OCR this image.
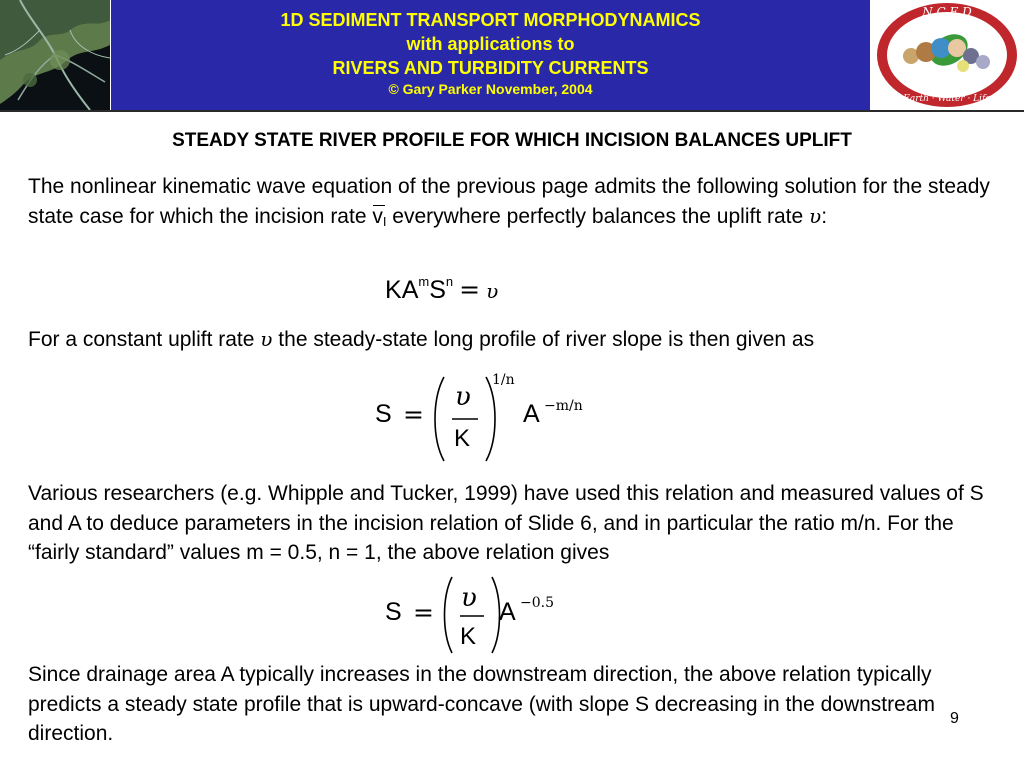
1D SEDIMENT TRANSPORT MORPHODYNAMICS
with applications to
RIVERS AND TURBIDITY CURRENTS
© Gary Parker November, 2004
N C E D
Earth · Water · Life
STEADY STATE RIVER PROFILE FOR WHICH INCISION BALANCES UPLIFT

The nonlinear kinematic wave equation of the previous page admits the following solution for the steady state case for which the incision rate $v_I$ everywhere perfectly balances the uplift rate υ:

$KA^mS^n = \upsilon$

For a constant uplift rate υ the steady-state long profile of river slope is then given as

S =
υ
K
1/n
A −m/n

Various researchers (e.g. Whipple and Tucker, 1999) have used this relation and measured values of S and A to deduce parameters in the incision relation of Slide 6, and in particular the ratio m/n. For the “fairly standard” values m = 0.5, n = 1, the above relation gives

S = υ
K
A −0.5

Since drainage area A typically increases in the downstream direction, the above relation typically predicts a steady state profile that is upward-concave (with slope S decreasing in the downstream direction.

9
